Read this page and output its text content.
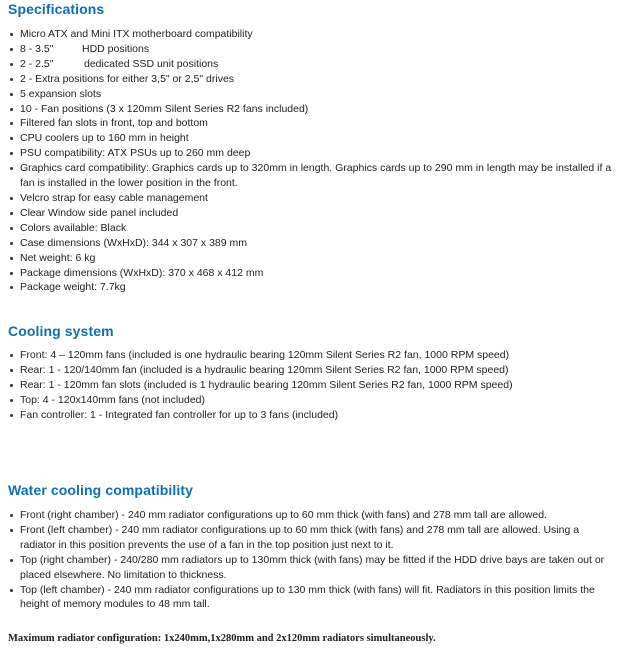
Specifications
Micro ATX and Mini ITX motherboard compatibility
8 - 3.5"	HDD positions
2 - 2.5"	dedicated SSD unit positions
2 - Extra positions for either 3,5" or 2,5" drives
5 expansion slots
10 - Fan positions (3 x 120mm Silent Series R2 fans included)
Filtered fan slots in front, top and bottom
CPU coolers up to 160 mm in height
PSU compatibility: ATX PSUs up to 260 mm deep
Graphics card compatibility: Graphics cards up to 320mm in length. Graphics cards up to 290 mm in length may be installed if a fan is installed in the lower position in the front.
Velcro strap for easy cable management
Clear Window side panel included
Colors available: Black
Case dimensions (WxHxD): 344 x 307 x 389 mm
Net weight: 6 kg
Package dimensions (WxHxD): 370 x 468 x 412 mm
Package weight: 7.7kg
Cooling system
Front: 4 – 120mm fans (included is one hydraulic bearing 120mm Silent Series R2 fan, 1000 RPM speed)
Rear: 1 - 120/140mm fan (included is a hydraulic bearing 120mm Silent Series R2 fan, 1000 RPM speed)
Rear: 1 - 120mm fan slots (included is 1 hydraulic bearing 120mm Silent Series R2 fan, 1000 RPM speed)
Top: 4 - 120x140mm fans (not included)
Fan controller: 1 - Integrated fan controller for up to 3 fans (included)
Water cooling compatibility
Front (right chamber) - 240 mm radiator configurations up to 60 mm thick (with fans) and 278 mm tall are allowed.
Front (left chamber) - 240 mm radiator configurations up to 60 mm thick (with fans) and 278 mm tall are allowed. Using a radiator in this position prevents the use of a fan in the top position just next to it.
Top (right chamber) - 240/280 mm radiators up to 130mm thick (with fans) may be fitted if the HDD drive bays are taken out or placed elsewhere. No limitation to thickness.
Top (left chamber) - 240 mm radiator configurations up to 130 mm thick (with fans) will fit. Radiators in this position limits the height of memory modules to 48 mm tall.

Maximum radiator configuration: 1x240mm,1x280mm and 2x120mm radiators simultaneously.
